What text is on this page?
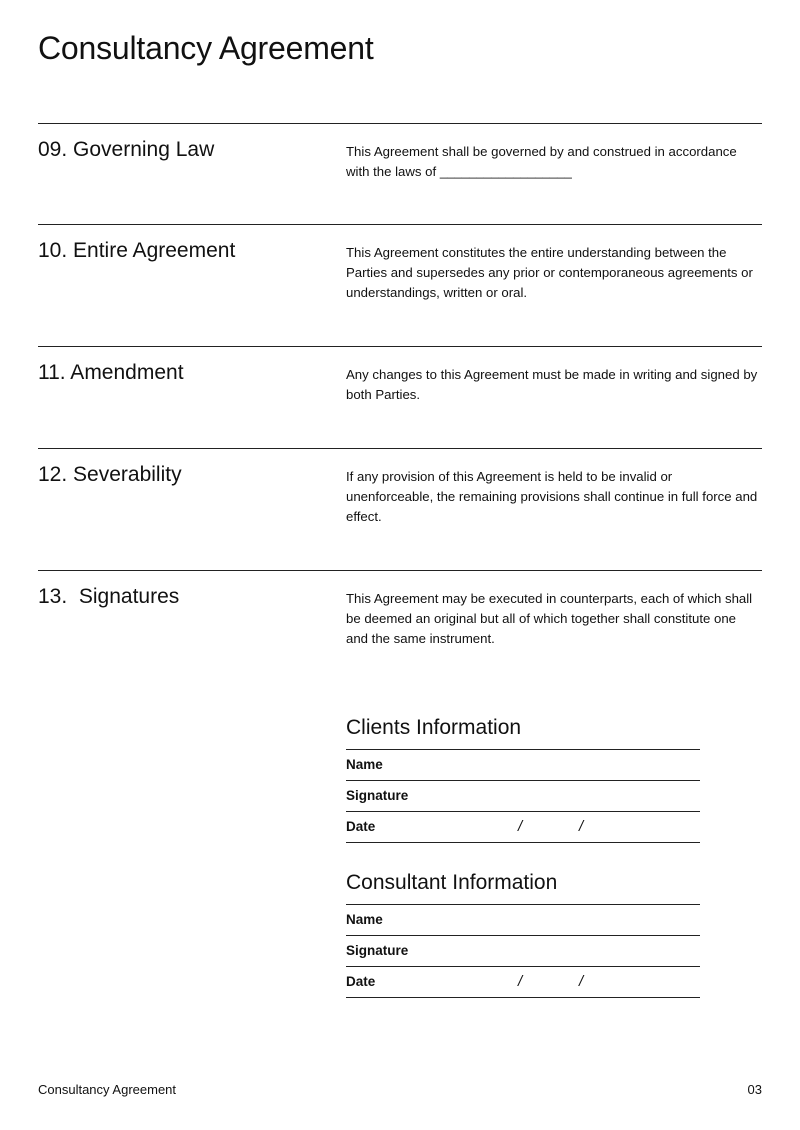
Consultancy Agreement
09. Governing Law	This Agreement shall be governed by and construed in accordance with the laws of __________________

10. Entire Agreement	This Agreement constitutes the entire understanding between the Parties and supersedes any prior or contemporaneous agreements or understandings, written or oral.

11. Amendment	Any changes to this Agreement must be made in writing and signed by both Parties.

12. Severability	If any provision of this Agreement is held to be invalid or unenforceable, the remaining provisions shall continue in full force and effect.

13.  Signatures	This Agreement may be executed in counterparts, each of which shall be deemed an original but all of which together shall constitute one and the same instrument.

Clients Information
Name
Signature
Date	/	/
Consultant Information
Name
Signature
Date	/	/
Consultancy Agreement	03
